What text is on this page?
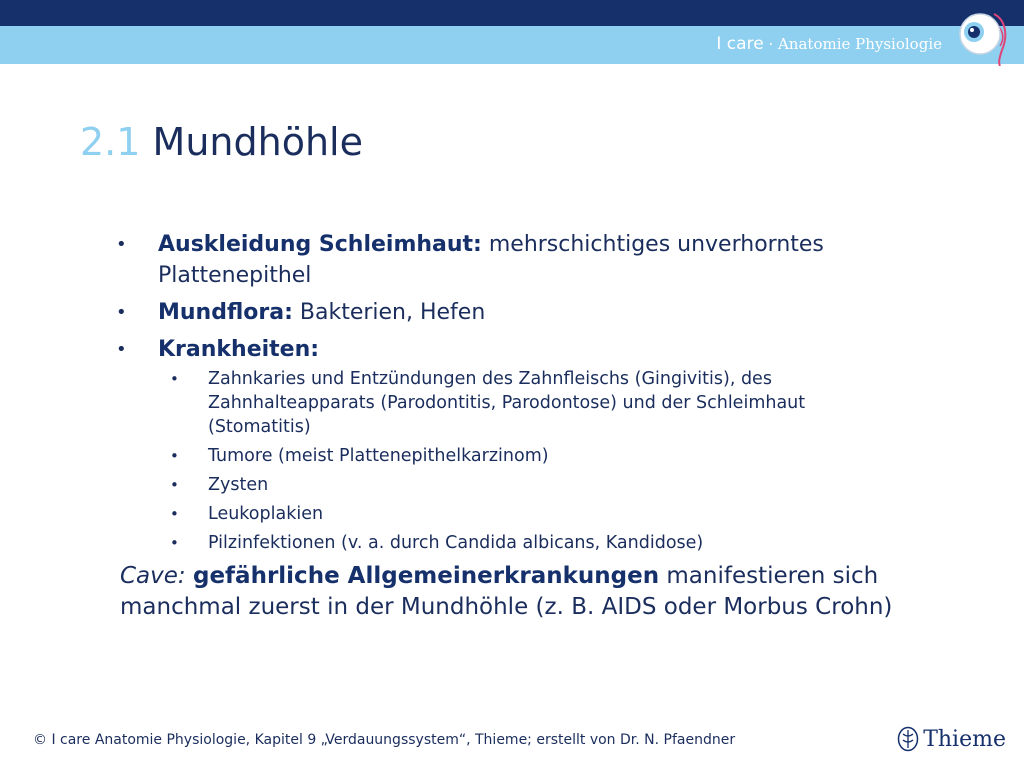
I care · Anatomie Physiologie
2.1 Mundhöhle
• Auskleidung Schleimhaut: mehrschichtiges unverhorntes Plattenepithel
• Mundflora: Bakterien, Hefen
• Krankheiten:
• Zahnkaries und Entzündungen des Zahnfleischs (Gingivitis), des Zahnhalteapparats (Parodontitis, Parodontose) und der Schleimhaut (Stomatitis)
• Tumore (meist Plattenepithelkarzinom)
• Zysten
• Leukoplakien
• Pilzinfektionen (v. a. durch Candida albicans, Kandidose)

Cave: gefährliche Allgemeinerkrankungen manifestieren sich manchmal zuerst in der Mundhöhle (z. B. AIDS oder Morbus Crohn)

© I care Anatomie Physiologie, Kapitel 9 „Verdauungssystem“, Thieme; erstellt von Dr. N. Pfaendner	Thieme
